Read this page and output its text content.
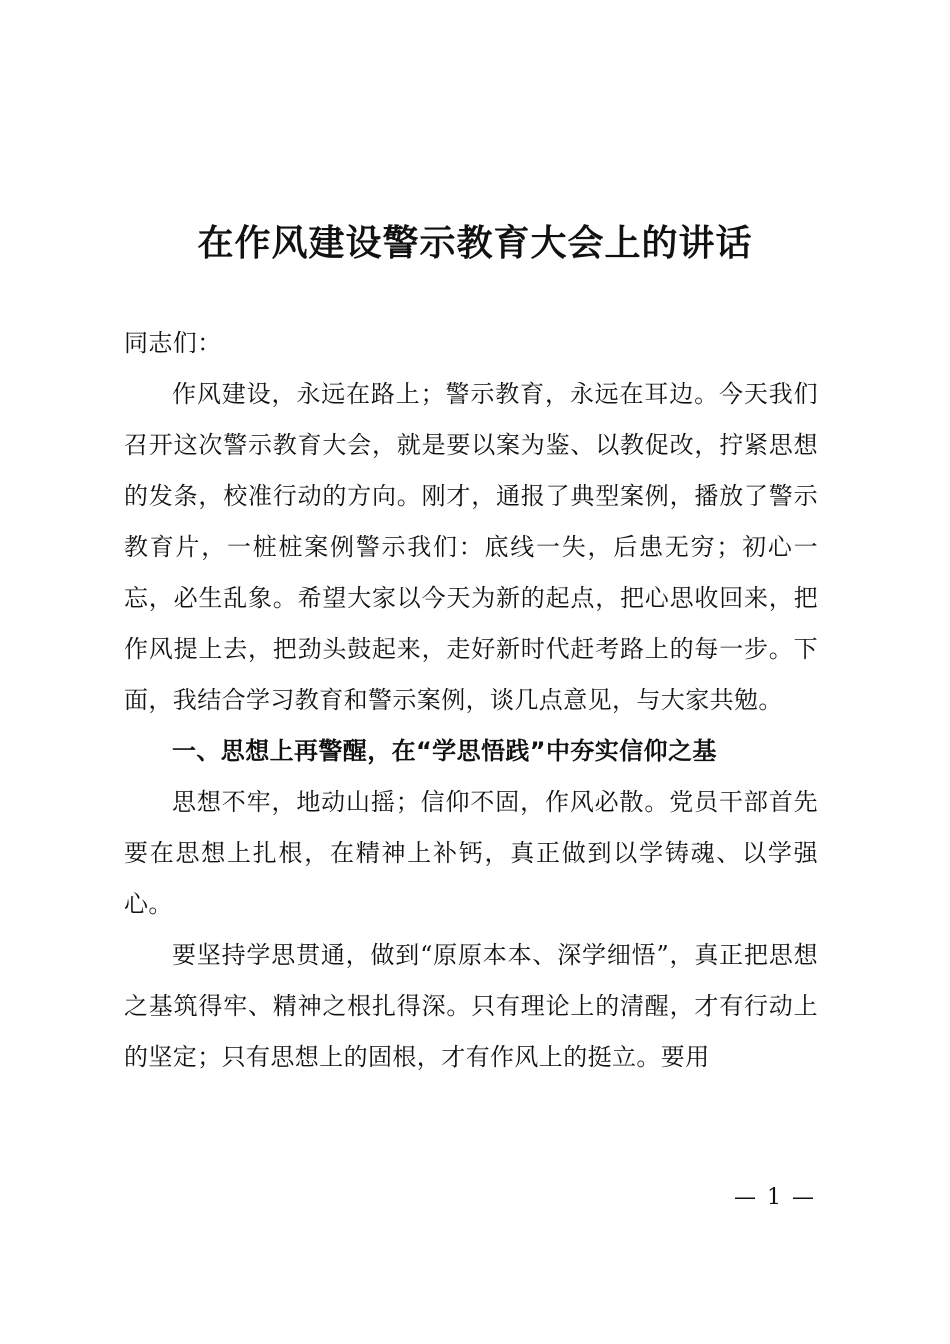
在作风建设警示教育大会上的讲话

同志们：

作风建设，永远在路上；警示教育，永远在耳边。今天我们召开这次警示教育大会，就是要以案为鉴、以教促改，拧紧思想的发条，校准行动的方向。刚才，通报了典型案例，播放了警示教育片，一桩桩案例警示我们：底线一失，后患无穷；初心一忘，必生乱象。希望大家以今天为新的起点，把心思收回来，把作风提上去，把劲头鼓起来，走好新时代赶考路上的每一步。下面，我结合学习教育和警示案例，谈几点意见，与大家共勉。

一、思想上再警醒，在“学思悟践”中夯实信仰之基

思想不牢，地动山摇；信仰不固，作风必散。党员干部首先要在思想上扎根，在精神上补钙，真正做到以学铸魂、以学强心。

要坚持学思贯通，做到“原原本本、深学细悟”，真正把思想之基筑得牢、精神之根扎得深。只有理论上的清醒，才有行动上的坚定；只有思想上的固根，才有作风上的挺立。要用

— 1 —
